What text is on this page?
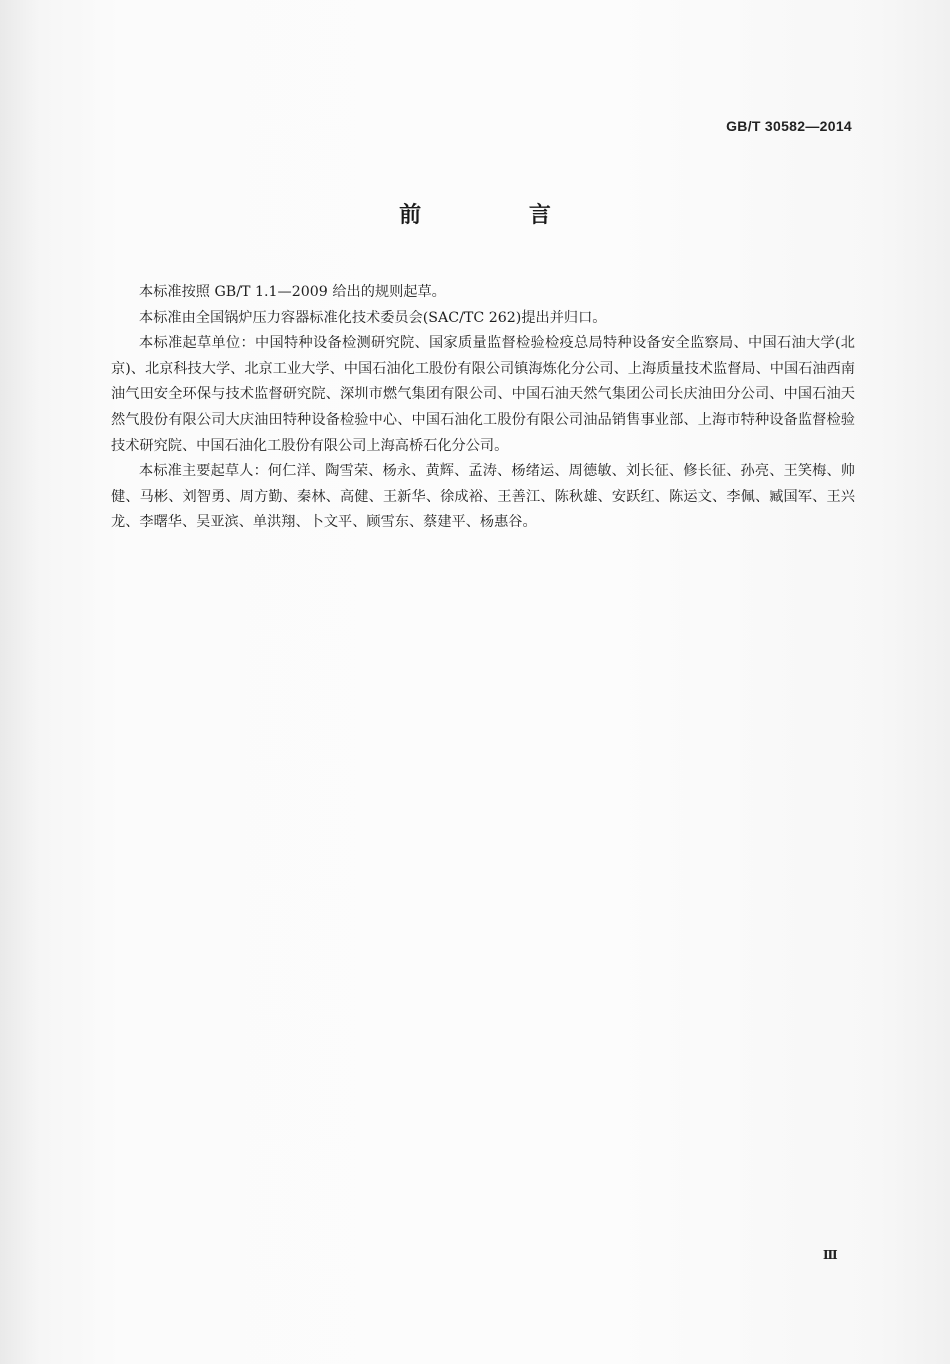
GB/T 30582—2014
前 言

本标准按照 GB/T 1.1—2009 给出的规则起草。

本标准由全国锅炉压力容器标准化技术委员会(SAC/TC 262)提出并归口。

本标准起草单位：中国特种设备检测研究院、国家质量监督检验检疫总局特种设备安全监察局、中国石油大学(北京)、北京科技大学、北京工业大学、中国石油化工股份有限公司镇海炼化分公司、上海质量技术监督局、中国石油西南油气田安全环保与技术监督研究院、深圳市燃气集团有限公司、中国石油天然气集团公司长庆油田分公司、中国石油天然气股份有限公司大庆油田特种设备检验中心、中国石油化工股份有限公司油品销售事业部、上海市特种设备监督检验技术研究院、中国石油化工股份有限公司上海高桥石化分公司。

本标准主要起草人：何仁洋、陶雪荣、杨永、黄辉、孟涛、杨绪运、周德敏、刘长征、修长征、孙亮、王笑梅、帅健、马彬、刘智勇、周方勤、秦林、高健、王新华、徐成裕、王善江、陈秋雄、安跃红、陈运文、李佩、臧国军、王兴龙、李曙华、吴亚滨、单洪翔、卜文平、顾雪东、蔡建平、杨惠谷。

Ⅲ
